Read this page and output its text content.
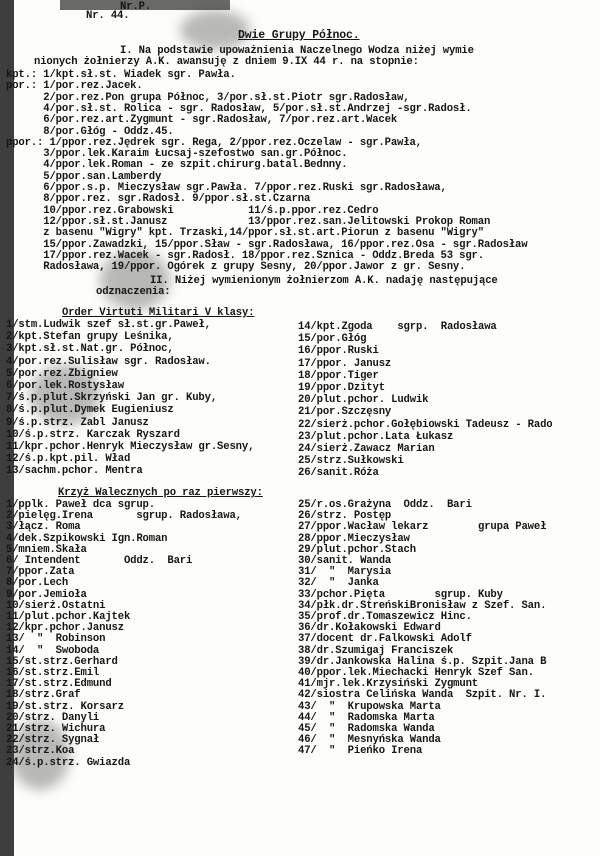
Nr.P.
Nr. 44.
Dwie Grupy Północ.
I. Na podstawie upoważnienia Naczelnego Wodza niżej wymie
nionych żołnierzy A.K. awansuję z dniem 9.IX 44 r. na stopnie:
kpt.: 1/kpt.sł.st. Wiadek sgr. Pawła.
por.: 1/por.rez.Jacek.
2/por.rez.Pon grupa Północ, 3/por.sł.st.Piotr sgr.Radosław,
4/por.sł.st. Rolica - sgr. Radosław, 5/por.sł.st.Andrzej -sgr.Radosł.
6/por.rez.art.Zygmunt - sgr.Radosław, 7/por.rez.art.Wacek
8/por.Głóg - Oddz.45.
ppor.: 1/ppor.rez.Jędrek sgr. Rega, 2/ppor.rez.Oczelaw - sgr.Pawła,
3/ppor.lek.Karaim Łucsaj-szefostwo san.gr.Północ.
4/ppor.lek.Roman - ze szpit.chirurg.batal.Bednny.
5/ppor.san.Lamberdy
6/ppor.s.p. Mieczysław sgr.Pawła. 7/ppor.rez.Ruski sgr.Radosława,
8/ppor.rez. sgr.Radosł. 9/ppor.sł.st.Czarna
10/ppor.rez.Grabowski            11/ś.p.ppor.rez.Cedro
12/ppor.sł.st.Janusz             13/ppor.rez.san.Jelitowski Prokop Roman
z basenu "Wigry" kpt. Trzaski,14/ppor.sł.st.art.Piorun z basenu "Wigry"
15/ppor.Zawadzki, 15/ppor.Sław - sgr.Radosława, 16/ppor.rez.Osa - sgr.Radosław
17/ppor.rez.Wacek - sgr.Radosł. 18/ppor.rez.Sznica - Oddz.Breda 53 sgr.
Radosława, 19/ppor. Ogórek z grupy Sesny, 20/ppor.Jawor z gr. Sesny.
II. Niżej wymienionym żołnierzom A.K. nadaję następujące
odznaczenia:
Order Virtuti Militari V klasy:
1/stm.Ludwik szef sł.st.gr.Paweł,
2/kpt.Stefan grupy Leśnika,
3/kpt.sł.st.Nat.gr. Północ,
4/por.rez.Sulisław sgr. Radosław.
5/por.rez.Zbigniew
6/por.lek.Rostysław
7/ś.p.plut.Skrzyński Jan gr. Kuby,
8/ś.p.plut.Dymek Eugieniusz
9/ś.p.strz. Zabl Janusz
10/ś.p.strz. Karczak Ryszard
11/kpr.pchor.Henryk Mieczysław gr.Sesny,
12/ś.p.kpt.pil. Wład
13/sachm.pchor. Mentra
14/kpt.Zgoda    sgrp.  Radosława
15/por.Głóg
16/ppor.Ruski
17/ppor. Janusz
18/ppor.Tiger
19/ppor.Dzityt
20/plut.pchor. Ludwik
21/por.Szczęsny
22/sierż.pchor.Gołębiowski Tadeusz - Rado
23/plut.pchor.Lata Łukasz
24/sierż.Zawacz Marian
25/strz.Sułkowski
26/sanit.Róża
Krzyż Walecznych po raz pierwszy:
1/pplk. Paweł dca sgrup.
2/pielęg.Irena       sgrup. Radosława,
3/łącz. Roma
4/dek.Szpikowski Ign.Roman
5/mniem.Skała
6/ Intendent       Oddz.  Bari
7/ppor.Zata
8/por.Lech
9/por.Jemioła
10/sierż.Ostatni
11/plut.pchor.Kajtek
12/kpr.pchor.Janusz
13/  "  Robinson
14/  "  Swoboda
15/st.strz.Gerhard
16/st.strz.Emil
17/st.strz.Edmund
18/strz.Graf
19/st.strz. Korsarz
20/strz. Danyli
21/strz. Wichura
22/strz. Sygnał
23/strz.Koa
24/ś.p.strz. Gwiazda
25/r.os.Grażyna  Oddz.  Bari
26/strz. Postęp
27/ppor.Wacław lekarz        grupa Paweł
28/ppor.Mieczysław
29/plut.pchor.Stach
30/sanit. Wanda
31/  "  Marysia
32/  "  Janka
33/pchor.Pięta        sgrup. Kuby
34/płk.dr.StreńskiBronisław z Szef. San.
35/prof.dr.Tomaszewicz Hinc.
36/dr.Kołakowski Edward
37/docent dr.Falkowski Adolf
38/dr.Szumigaj Franciszek
39/dr.Jankowska Halina ś.p. Szpit.Jana B
40/ppor.lek.Miechacki Henryk Szef San.
41/mjr.lek.Krzysiński Zygmunt
42/siostra Celińska Wanda  Szpit. Nr. I.
43/  "  Krupowska Marta
44/  "  Radomska Marta
45/  "  Radomska Wanda
46/  "  Mesnyńska Wanda
47/  "  Pieńko Irena
